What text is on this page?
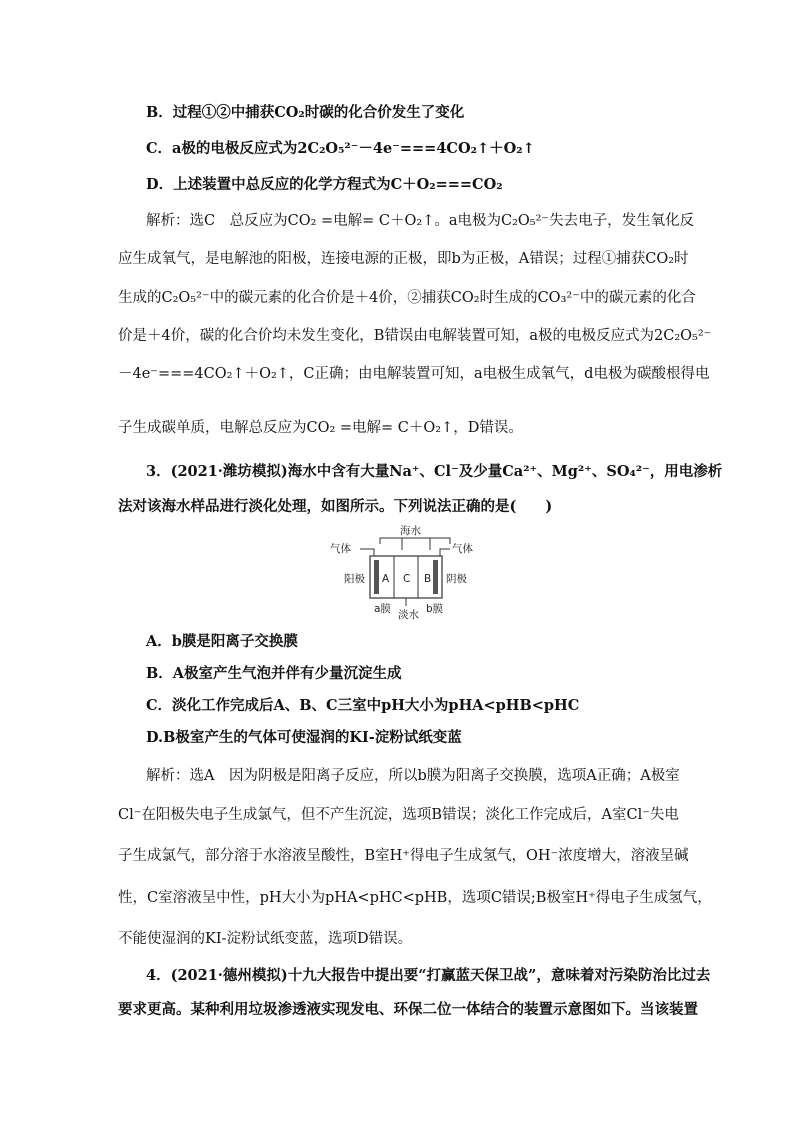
B．过程①②中捕获CO₂时碳的化合价发生了变化
C．a极的电极反应式为2C₂O₅²⁻－4e⁻===4CO₂↑＋O₂↑
D．上述装置中总反应的化学方程式为C＋O₂===CO₂
解析：选C　总反应为CO₂ =电解= C＋O₂↑。a电极为C₂O₅²⁻失去电子，发生氧化反
应生成氧气，是电解池的阳极，连接电源的正极，即b为正极，A错误；过程①捕获CO₂时
生成的C₂O₅²⁻中的碳元素的化合价是＋4价，②捕获CO₂时生成的CO₃²⁻中的碳元素的化合
价是＋4价，碳的化合价均未发生变化，B错误由电解装置可知，a极的电极反应式为2C₂O₅²⁻
－4e⁻===4CO₂↑＋O₂↑，C正确；由电解装置可知，a电极生成氧气，d电极为碳酸根得电
子生成碳单质，电解总反应为CO₂ =电解= C＋O₂↑，D错误。
3．(2021·潍坊模拟)海水中含有大量Na⁺、Cl⁻及少量Ca²⁺、Mg²⁺、SO₄²⁻，用电渗析
法对该海水样品进行淡化处理，如图所示。下列说法正确的是(　　)
海水
气体	气体
阳极	阴极
A C B
a膜	b膜
淡水
A．b膜是阳离子交换膜
B．A极室产生气泡并伴有少量沉淀生成
C．淡化工作完成后A、B、C三室中pH大小为pHA<pHB<pHC
D.B极室产生的气体可使湿润的KI-淀粉试纸变蓝
解析：选A　因为阴极是阳离子反应，所以b膜为阳离子交换膜，选项A正确；A极室
Cl⁻在阳极失电子生成氯气，但不产生沉淀，选项B错误；淡化工作完成后，A室Cl⁻失电
子生成氯气，部分溶于水溶液呈酸性，B室H⁺得电子生成氢气，OH⁻浓度增大，溶液呈碱
性，C室溶液呈中性，pH大小为pHA<pHC<pHB，选项C错误;B极室H⁺得电子生成氢气，
不能使湿润的KI-淀粉试纸变蓝，选项D错误。
4．(2021·德州模拟)十九大报告中提出要“打赢蓝天保卫战”，意味着对污染防治比过去
要求更高。某种利用垃圾渗透液实现发电、环保二位一体结合的装置示意图如下。当该装置
